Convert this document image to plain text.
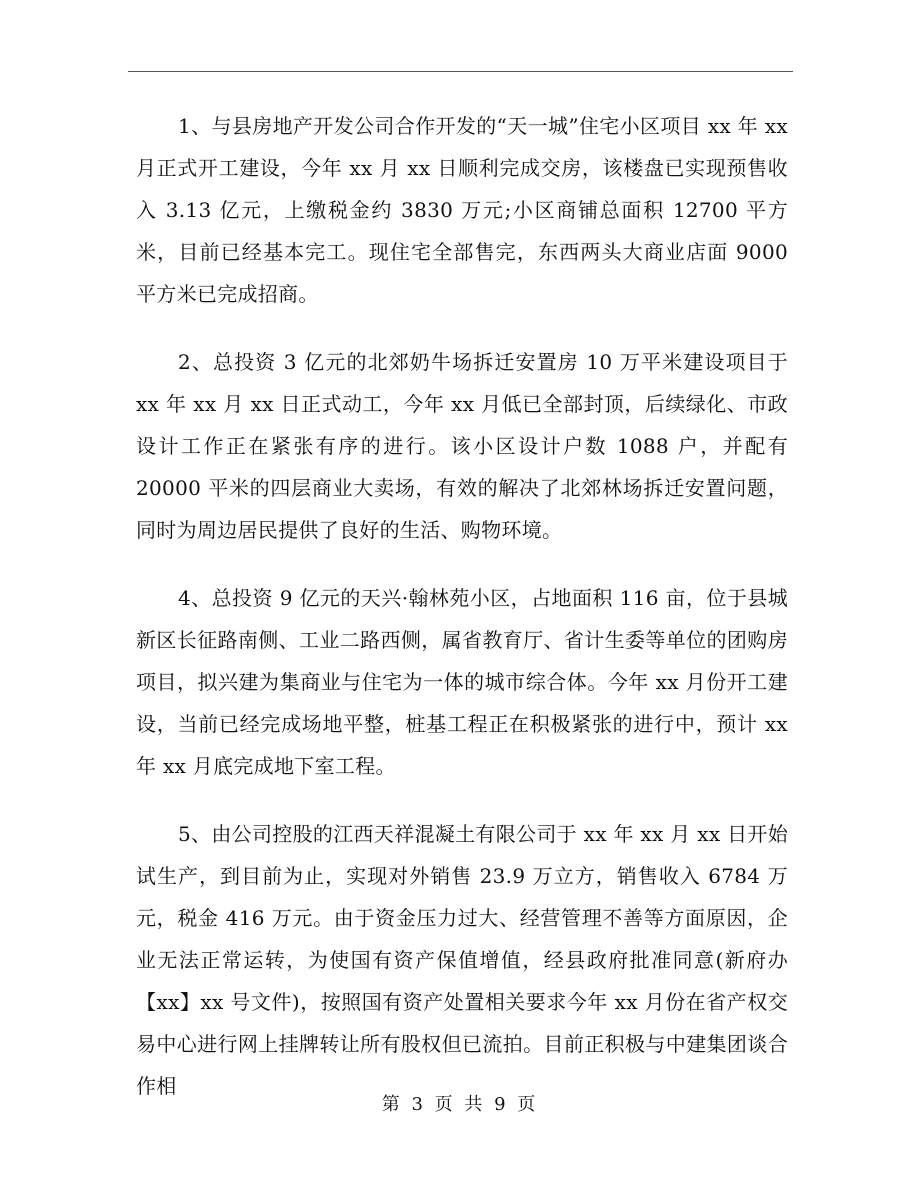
1、与县房地产开发公司合作开发的“天一城”住宅小区项目 xx 年 xx 月正式开工建设，今年 xx 月 xx 日顺利完成交房，该楼盘已实现预售收入 3.13 亿元，上缴税金约 3830 万元;小区商铺总面积 12700 平方米，目前已经基本完工。现住宅全部售完，东西两头大商业店面 9000 平方米已完成招商。

2、总投资 3 亿元的北郊奶牛场拆迁安置房 10 万平米建设项目于 xx 年 xx 月 xx 日正式动工，今年 xx 月低已全部封顶，后续绿化、市政设计工作正在紧张有序的进行。该小区设计户数 1088 户，并配有 20000 平米的四层商业大卖场，有效的解决了北郊林场拆迁安置问题，同时为周边居民提供了良好的生活、购物环境。

4、总投资 9 亿元的天兴·翰林苑小区，占地面积 116 亩，位于县城新区长征路南侧、工业二路西侧，属省教育厅、省计生委等单位的团购房项目，拟兴建为集商业与住宅为一体的城市综合体。今年 xx 月份开工建设，当前已经完成场地平整，桩基工程正在积极紧张的进行中，预计 xx 年 xx 月底完成地下室工程。

5、由公司控股的江西天祥混凝土有限公司于 xx 年 xx 月 xx 日开始试生产，到目前为止，实现对外销售 23.9 万立方，销售收入 6784 万元，税金 416 万元。由于资金压力过大、经营管理不善等方面原因，企业无法正常运转，为使国有资产保值增值，经县政府批准同意(新府办【xx】xx 号文件)，按照国有资产处置相关要求今年 xx 月份在省产权交易中心进行网上挂牌转让所有股权但已流拍。目前正积极与中建集团谈合作相

第 3 页 共 9 页
